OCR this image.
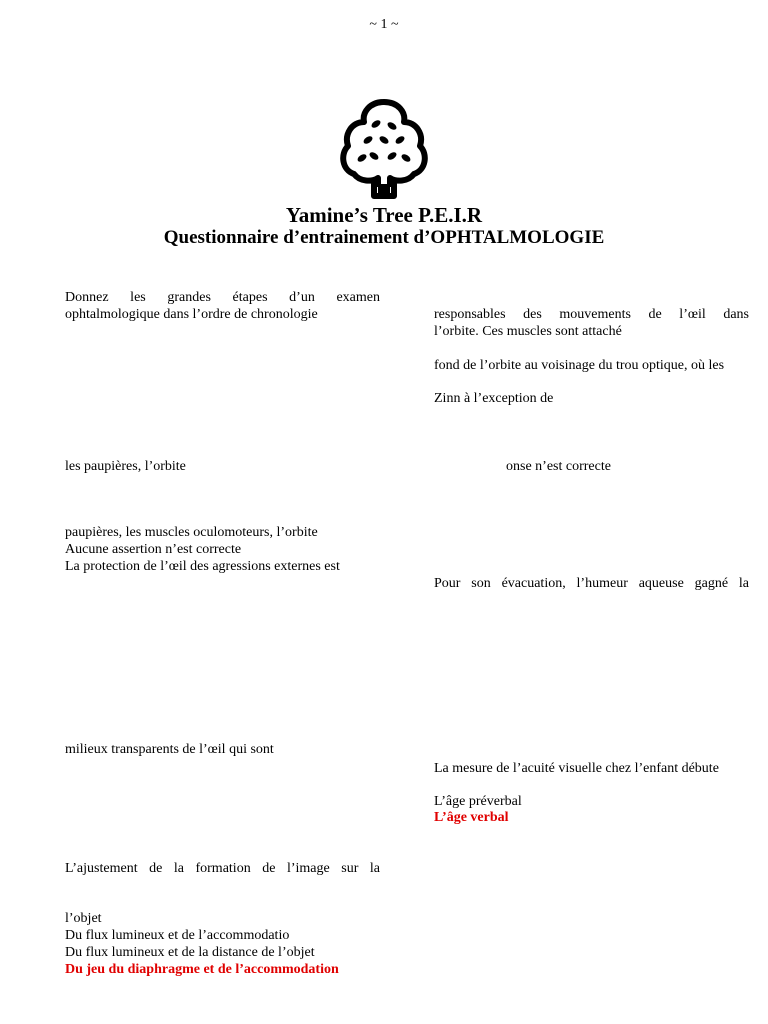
~ 1 ~
Yamine’s Tree P.E.I.R
Questionnaire d’entrainement d’OPHTALMOLOGIE
Donnez les grandes étapes d’un examen
ophtalmologique dans l’ordre de chronologie
les paupières, l’orbite
paupières, les muscles oculomoteurs, l’orbite
Aucune assertion n’est correcte
La protection de l’œil des agressions externes est
milieux transparents de l’œil qui sont
L’ajustement de la formation de l’image sur la
l’objet
Du flux lumineux et de l’accommodatio
Du flux lumineux et de la distance de l’objet
Du jeu du diaphragme et de l’accommodation
responsables des mouvements de l’œil dans
l’orbite. Ces muscles sont attaché
fond de l’orbite au voisinage du trou optique, où les
Zinn à l’exception de
onse n’est correcte
Pour son évacuation, l’humeur aqueuse gagné la
La mesure de l’acuité visuelle chez l’enfant débute
L’âge préverbal
L’âge verbal
